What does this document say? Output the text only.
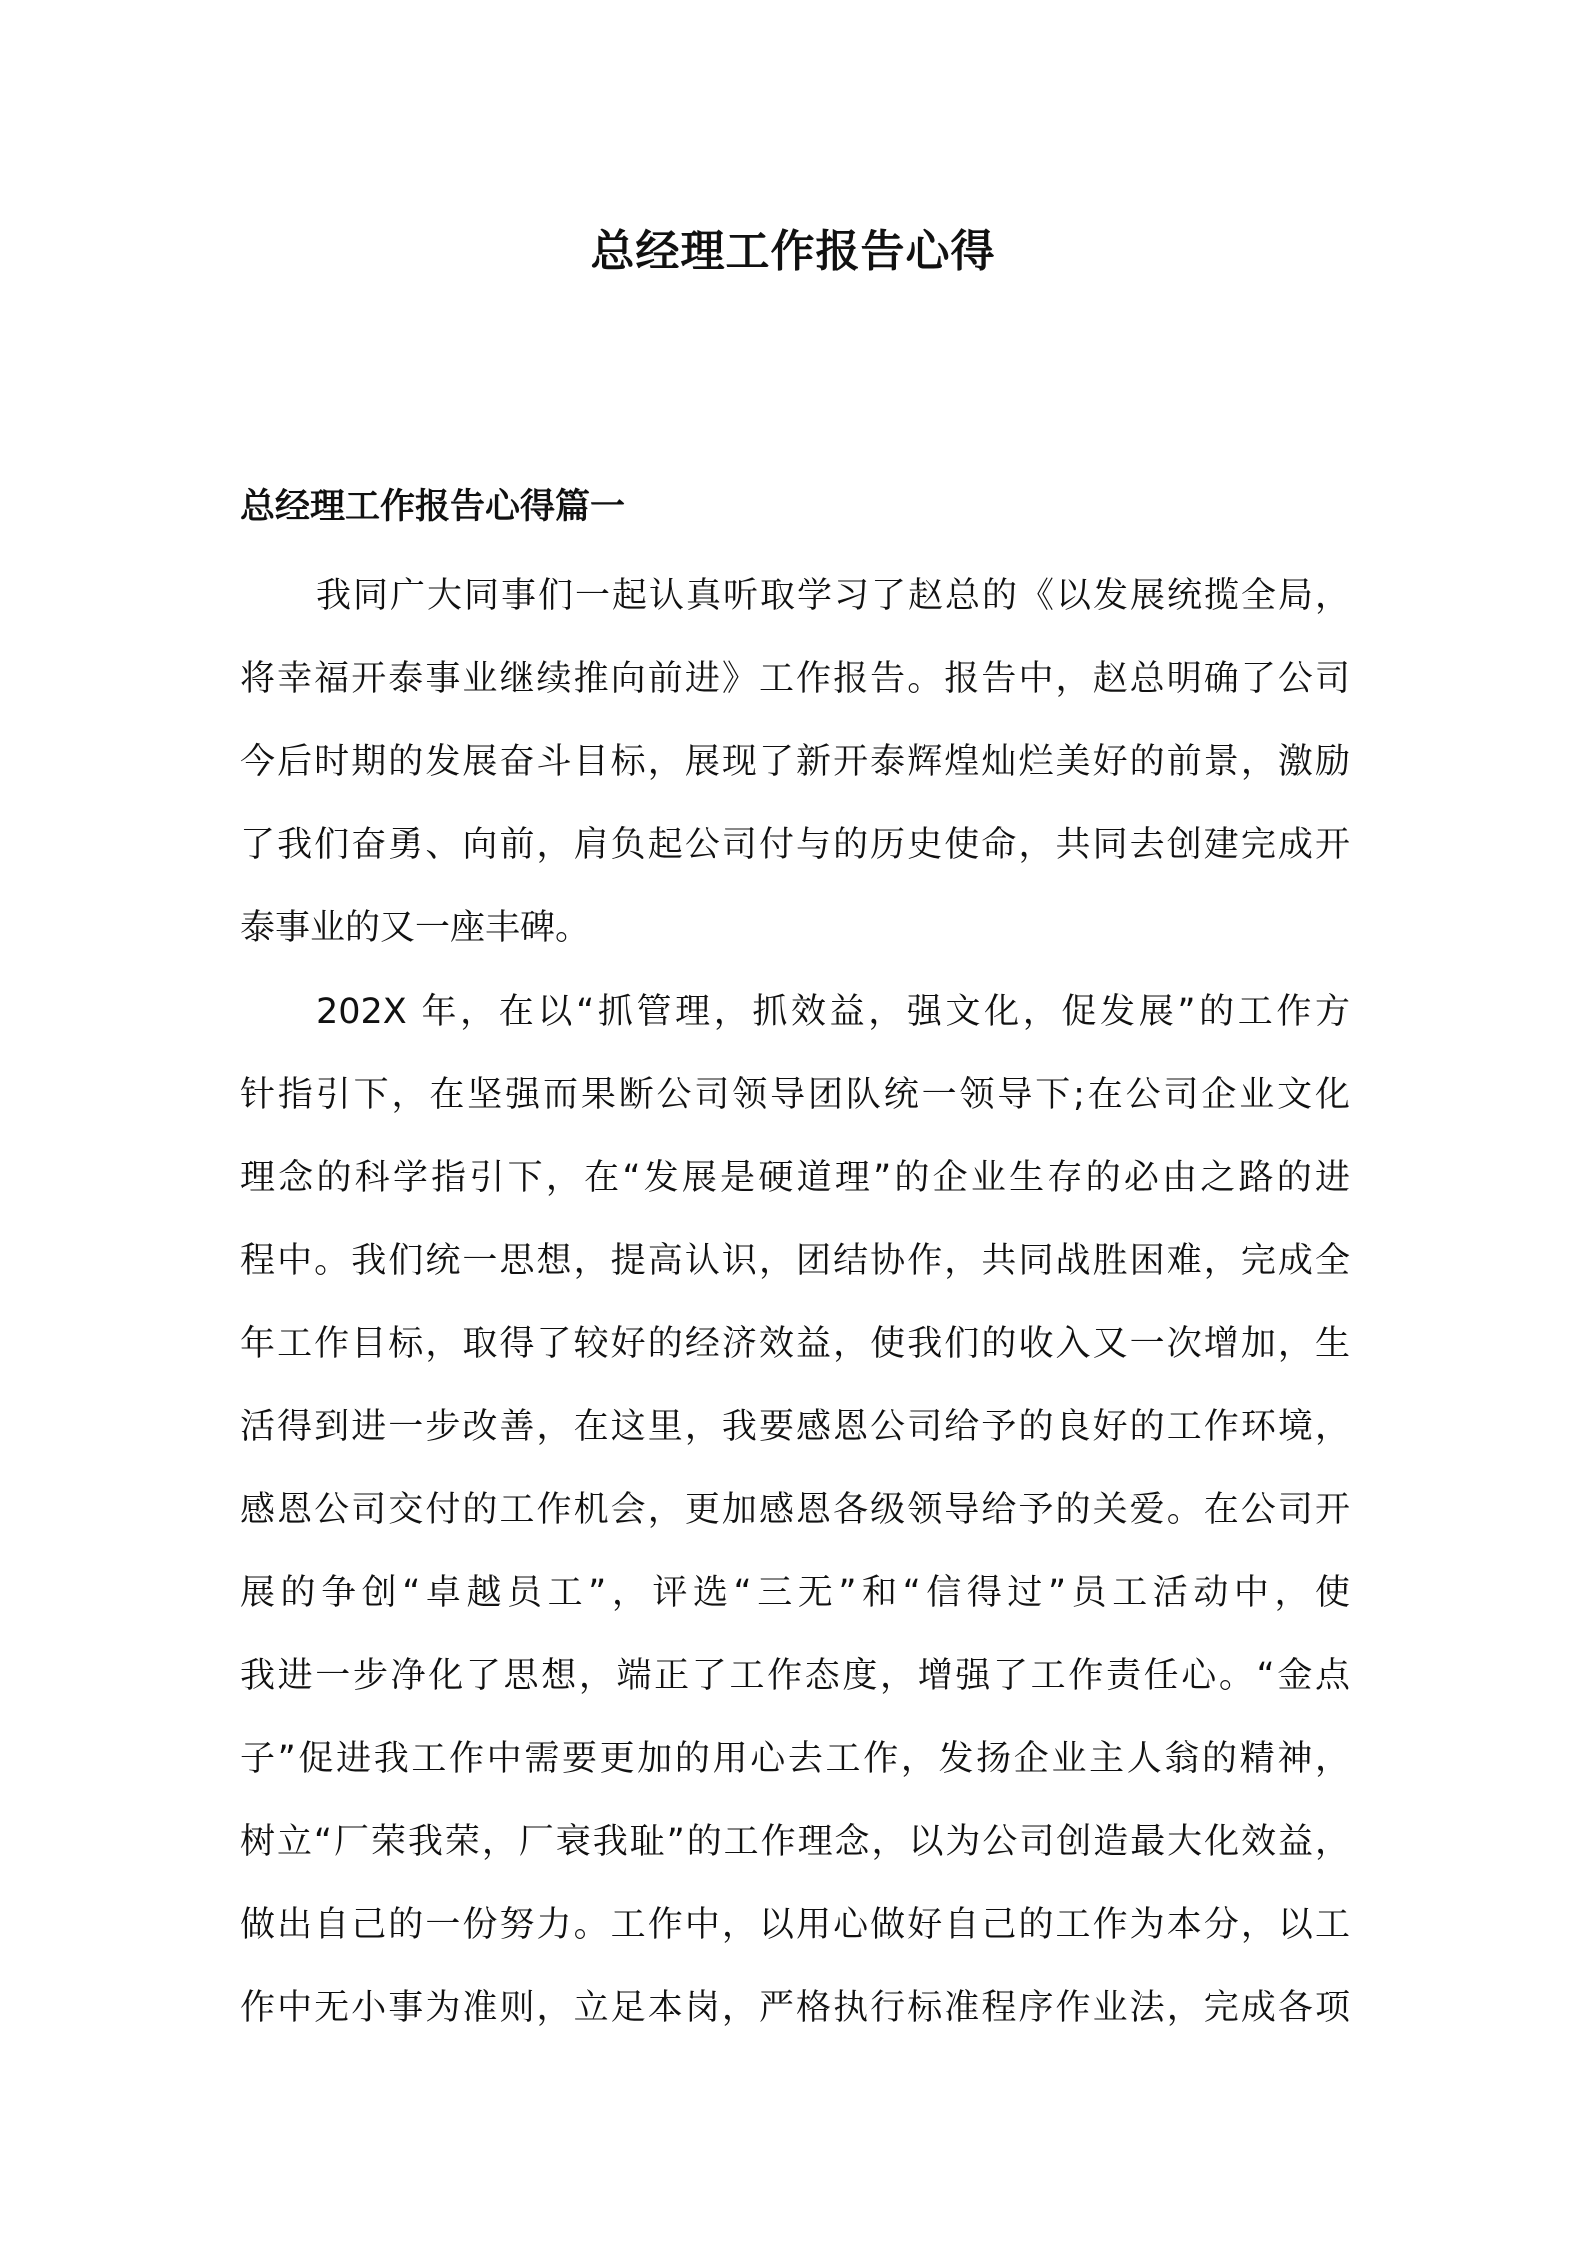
总经理工作报告心得
总经理工作报告心得篇一
我同广大同事们一起认真听取学习了赵总的《以发展统揽全局，
将幸福开泰事业继续推向前进》工作报告。报告中，赵总明确了公司
今后时期的发展奋斗目标，展现了新开泰辉煌灿烂美好的前景，激励
了我们奋勇、向前，肩负起公司付与的历史使命，共同去创建完成开
泰事业的又一座丰碑。
202X 年，在以“抓管理，抓效益，强文化，促发展”的工作方
针指引下，在坚强而果断公司领导团队统一领导下;在公司企业文化
理念的科学指引下，在“发展是硬道理”的企业生存的必由之路的进
程中。我们统一思想，提高认识，团结协作，共同战胜困难，完成全
年工作目标，取得了较好的经济效益，使我们的收入又一次增加，生
活得到进一步改善，在这里，我要感恩公司给予的良好的工作环境，
感恩公司交付的工作机会，更加感恩各级领导给予的关爱。在公司开
展的争创“卓越员工”，评选“三无”和“信得过”员工活动中，使
我进一步净化了思想，端正了工作态度，增强了工作责任心。“金点
子”促进我工作中需要更加的用心去工作，发扬企业主人翁的精神，
树立“厂荣我荣，厂衰我耻”的工作理念，以为公司创造最大化效益，
做出自己的一份努力。工作中，以用心做好自己的工作为本分，以工
作中无小事为准则，立足本岗，严格执行标准程序作业法，完成各项
